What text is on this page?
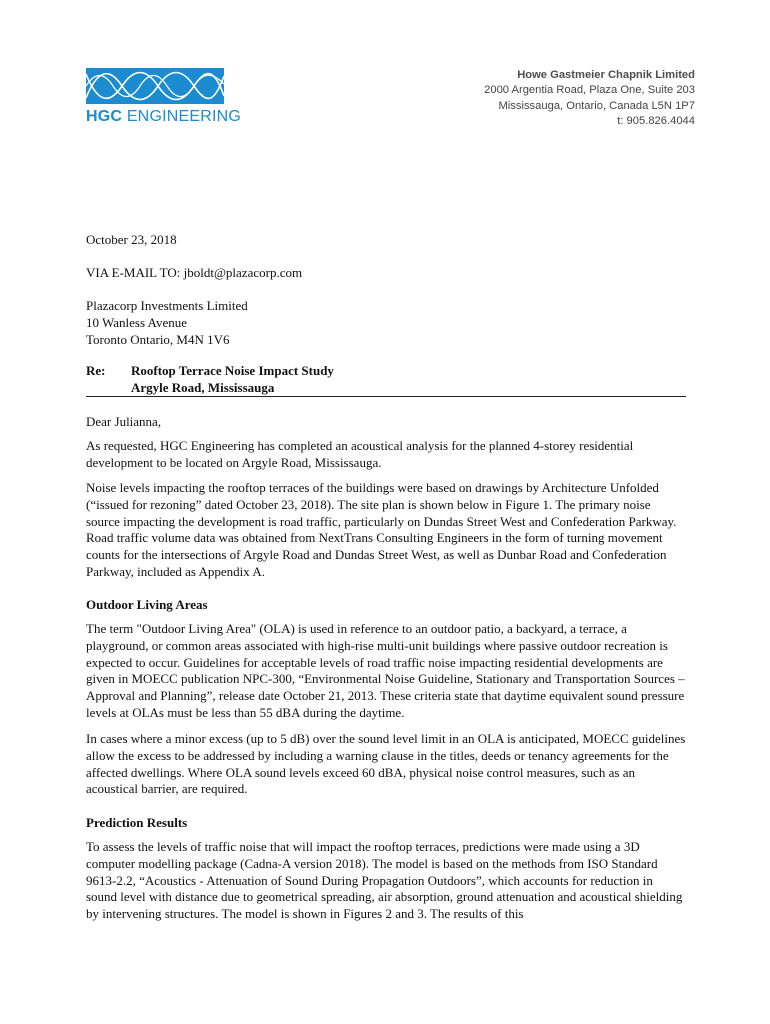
HGC ENGINEERING
Howe Gastmeier Chapnik Limited
2000 Argentia Road, Plaza One, Suite 203
Mississauga, Ontario, Canada L5N 1P7
t: 905.826.4044
October 23, 2018
VIA E-MAIL TO: jboldt@plazacorp.com
Plazacorp Investments Limited
10 Wanless Avenue
Toronto Ontario, M4N 1V6
Re: Rooftop Terrace Noise Impact Study
Argyle Road, Mississauga
Dear Julianna,
As requested, HGC Engineering has completed an acoustical analysis for the planned 4-storey residential development to be located on Argyle Road, Mississauga.
Noise levels impacting the rooftop terraces of the buildings were based on drawings by Architecture Unfolded (“issued for rezoning” dated October 23, 2018). The site plan is shown below in Figure 1. The primary noise source impacting the development is road traffic, particularly on Dundas Street West and Confederation Parkway. Road traffic volume data was obtained from NextTrans Consulting Engineers in the form of turning movement counts for the intersections of Argyle Road and Dundas Street West, as well as Dunbar Road and Confederation Parkway, included as Appendix A.
Outdoor Living Areas
The term "Outdoor Living Area" (OLA) is used in reference to an outdoor patio, a backyard, a terrace, a playground, or common areas associated with high-rise multi-unit buildings where passive outdoor recreation is expected to occur. Guidelines for acceptable levels of road traffic noise impacting residential developments are given in MOECC publication NPC-300, “Environmental Noise Guideline, Stationary and Transportation Sources – Approval and Planning”, release date October 21, 2013. These criteria state that daytime equivalent sound pressure levels at OLAs must be less than 55 dBA during the daytime.
In cases where a minor excess (up to 5 dB) over the sound level limit in an OLA is anticipated, MOECC guidelines allow the excess to be addressed by including a warning clause in the titles, deeds or tenancy agreements for the affected dwellings. Where OLA sound levels exceed 60 dBA, physical noise control measures, such as an acoustical barrier, are required.
Prediction Results
To assess the levels of traffic noise that will impact the rooftop terraces, predictions were made using a 3D computer modelling package (Cadna-A version 2018). The model is based on the methods from ISO Standard 9613-2.2, “Acoustics - Attenuation of Sound During Propagation Outdoors”, which accounts for reduction in sound level with distance due to geometrical spreading, air absorption, ground attenuation and acoustical shielding by intervening structures. The model is shown in Figures 2 and 3. The results of this
